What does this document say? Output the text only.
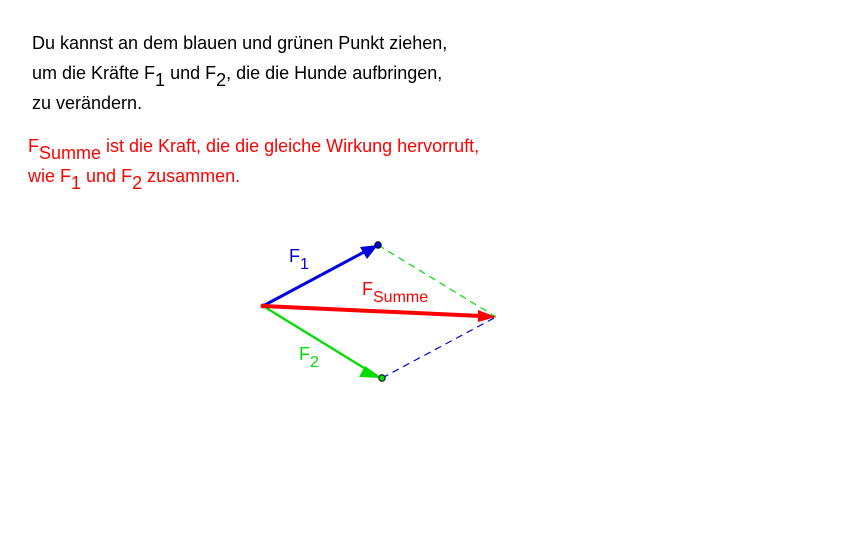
Du kannst an dem blauen und grünen Punkt ziehen,
um die Kräfte $F_1$ und $F_2$, die die Hunde aufbringen,
zu verändern.
$F_{Summe}$ ist die Kraft, die die gleiche Wirkung hervorruft,
wie $F_1$ und $F_2$ zusammen.
$F_1$
$F_2$
$F_{Summe}$
